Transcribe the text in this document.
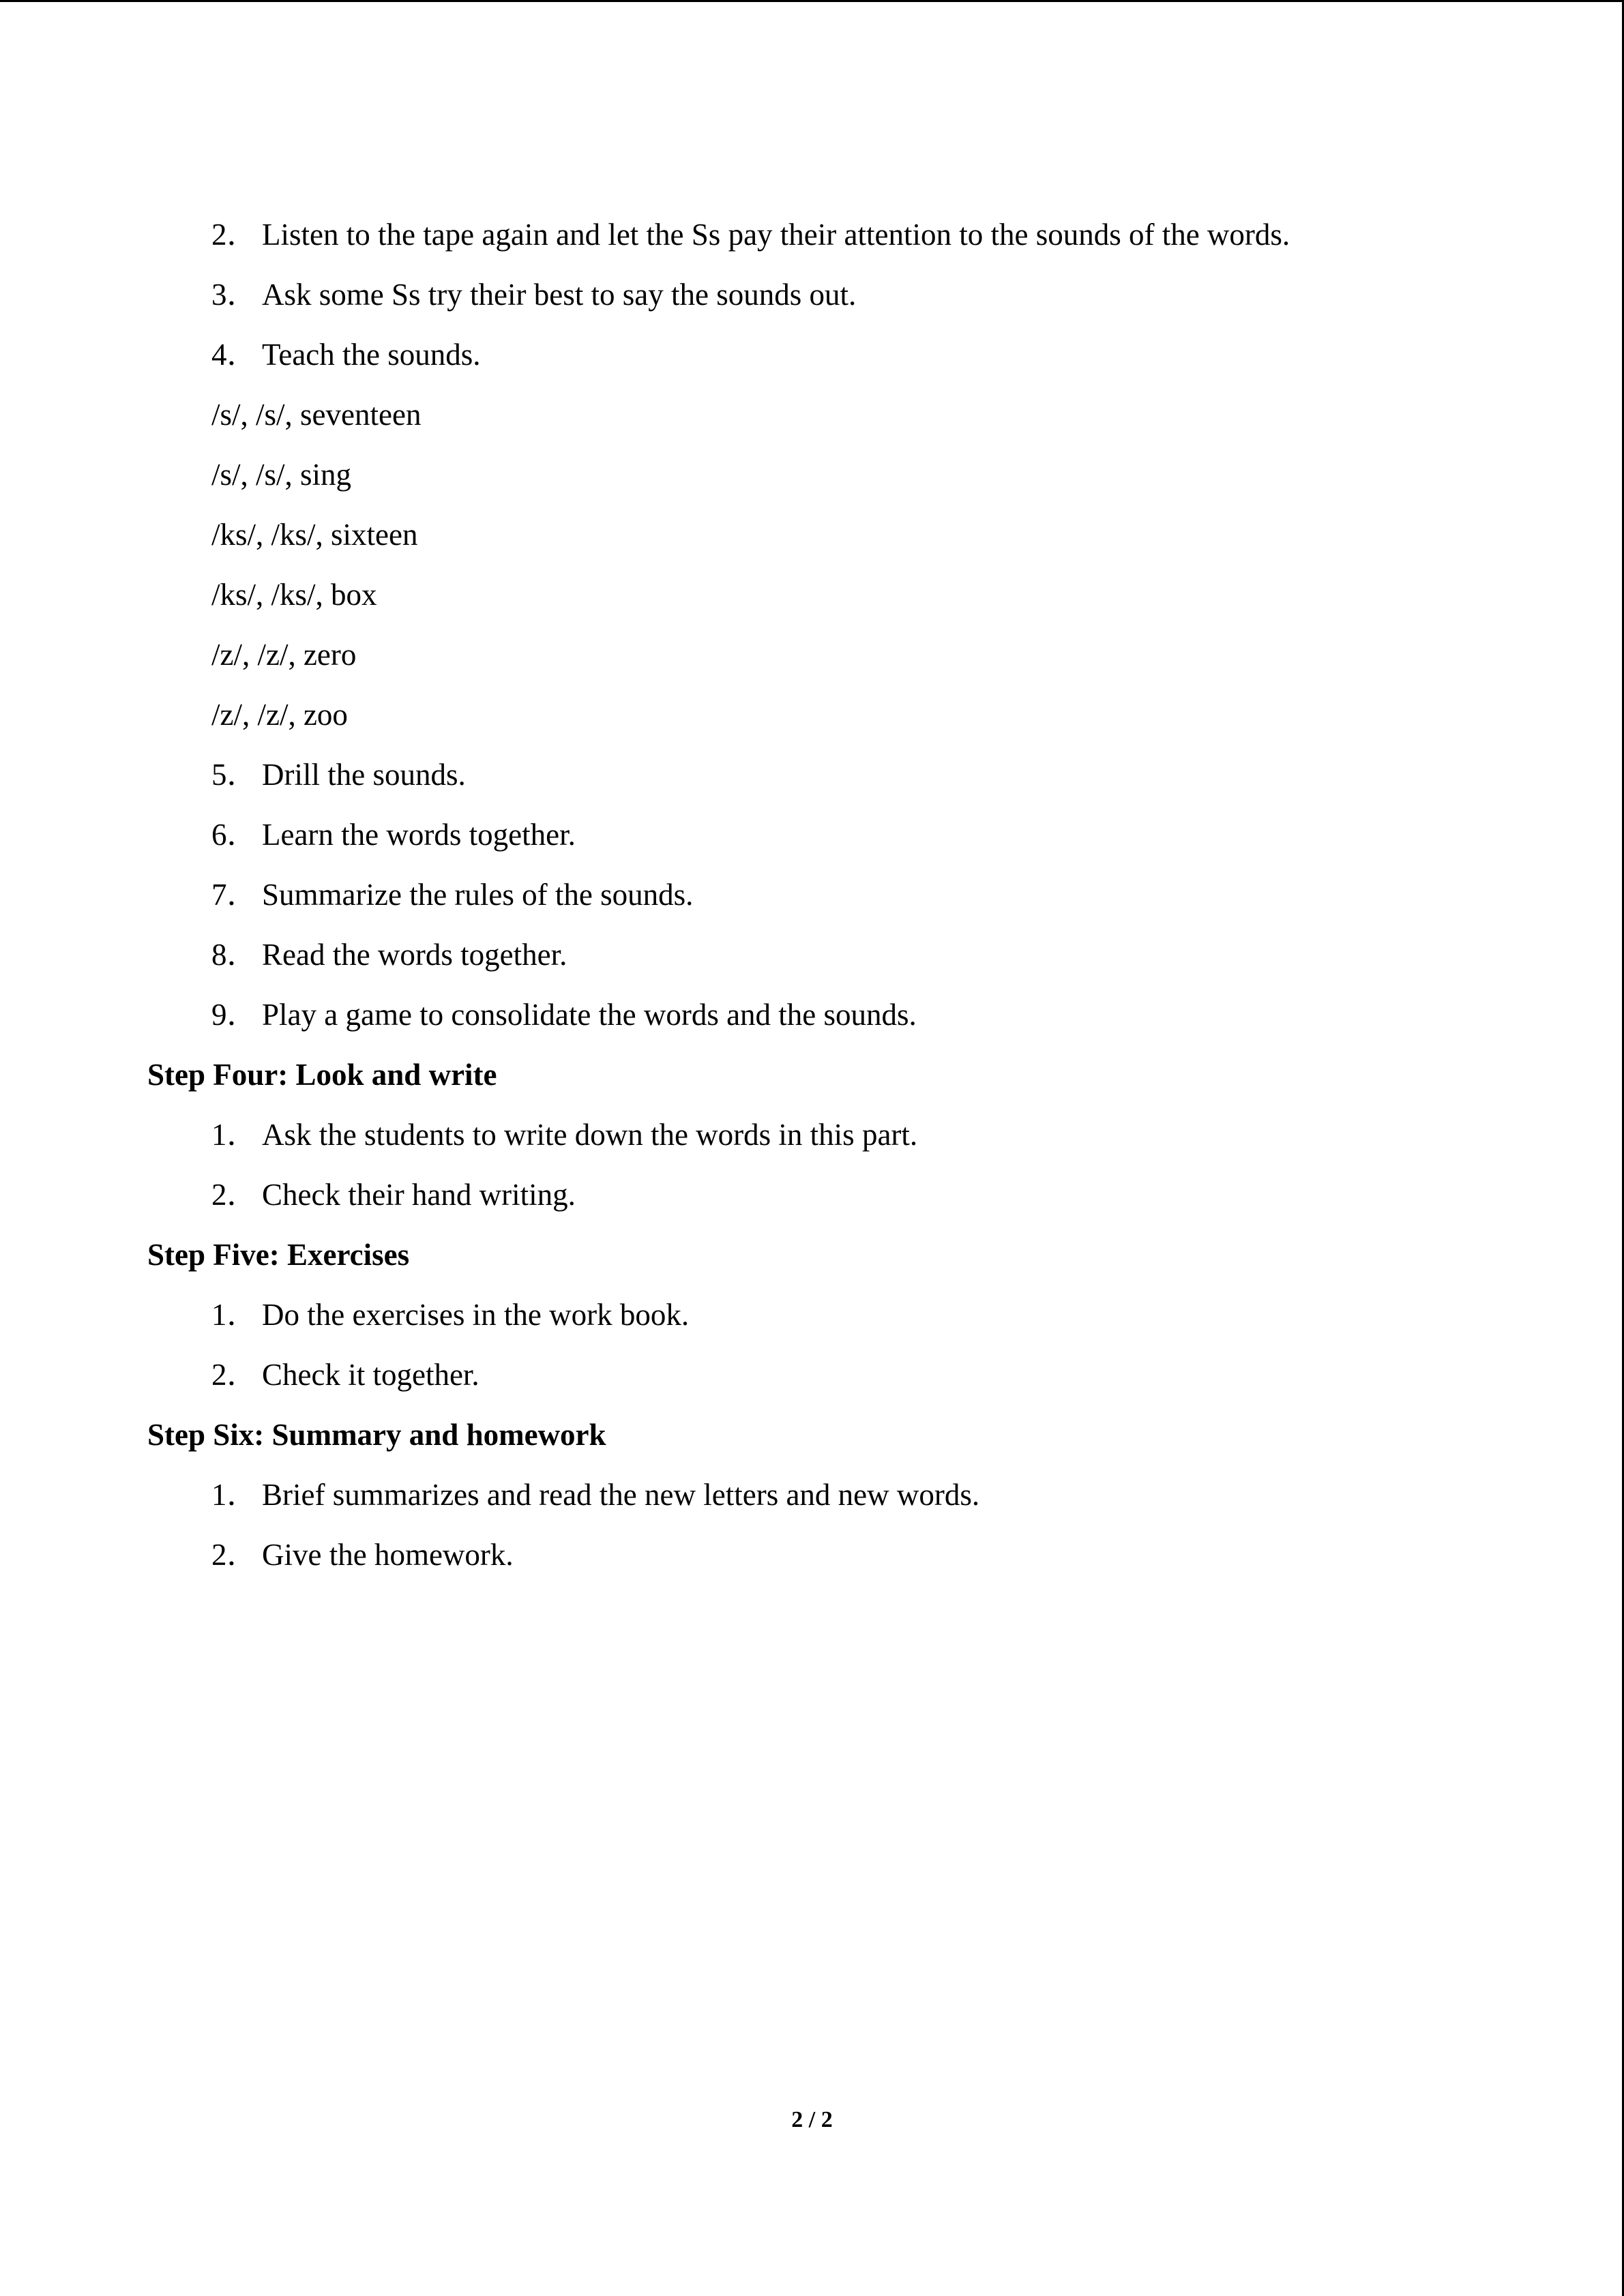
2． Listen to the tape again and let the Ss pay their attention to the sounds of the words.
3． Ask some Ss try their best to say the sounds out.
4． Teach the sounds.
/s/, /s/, seventeen
/s/, /s/, sing
/ks/, /ks/, sixteen
/ks/, /ks/, box
/z/, /z/, zero
/z/, /z/, zoo
5． Drill the sounds.
6． Learn the words together.
7． Summarize the rules of the sounds.
8． Read the words together.
9． Play a game to consolidate the words and the sounds.
Step Four: Look and write
1． Ask the students to write down the words in this part.
2． Check their hand writing.
Step Five: Exercises
1． Do the exercises in the work book.
2． Check it together.
Step Six: Summary and homework
1． Brief summarizes and read the new letters and new words.
2． Give the homework.
2 / 2
